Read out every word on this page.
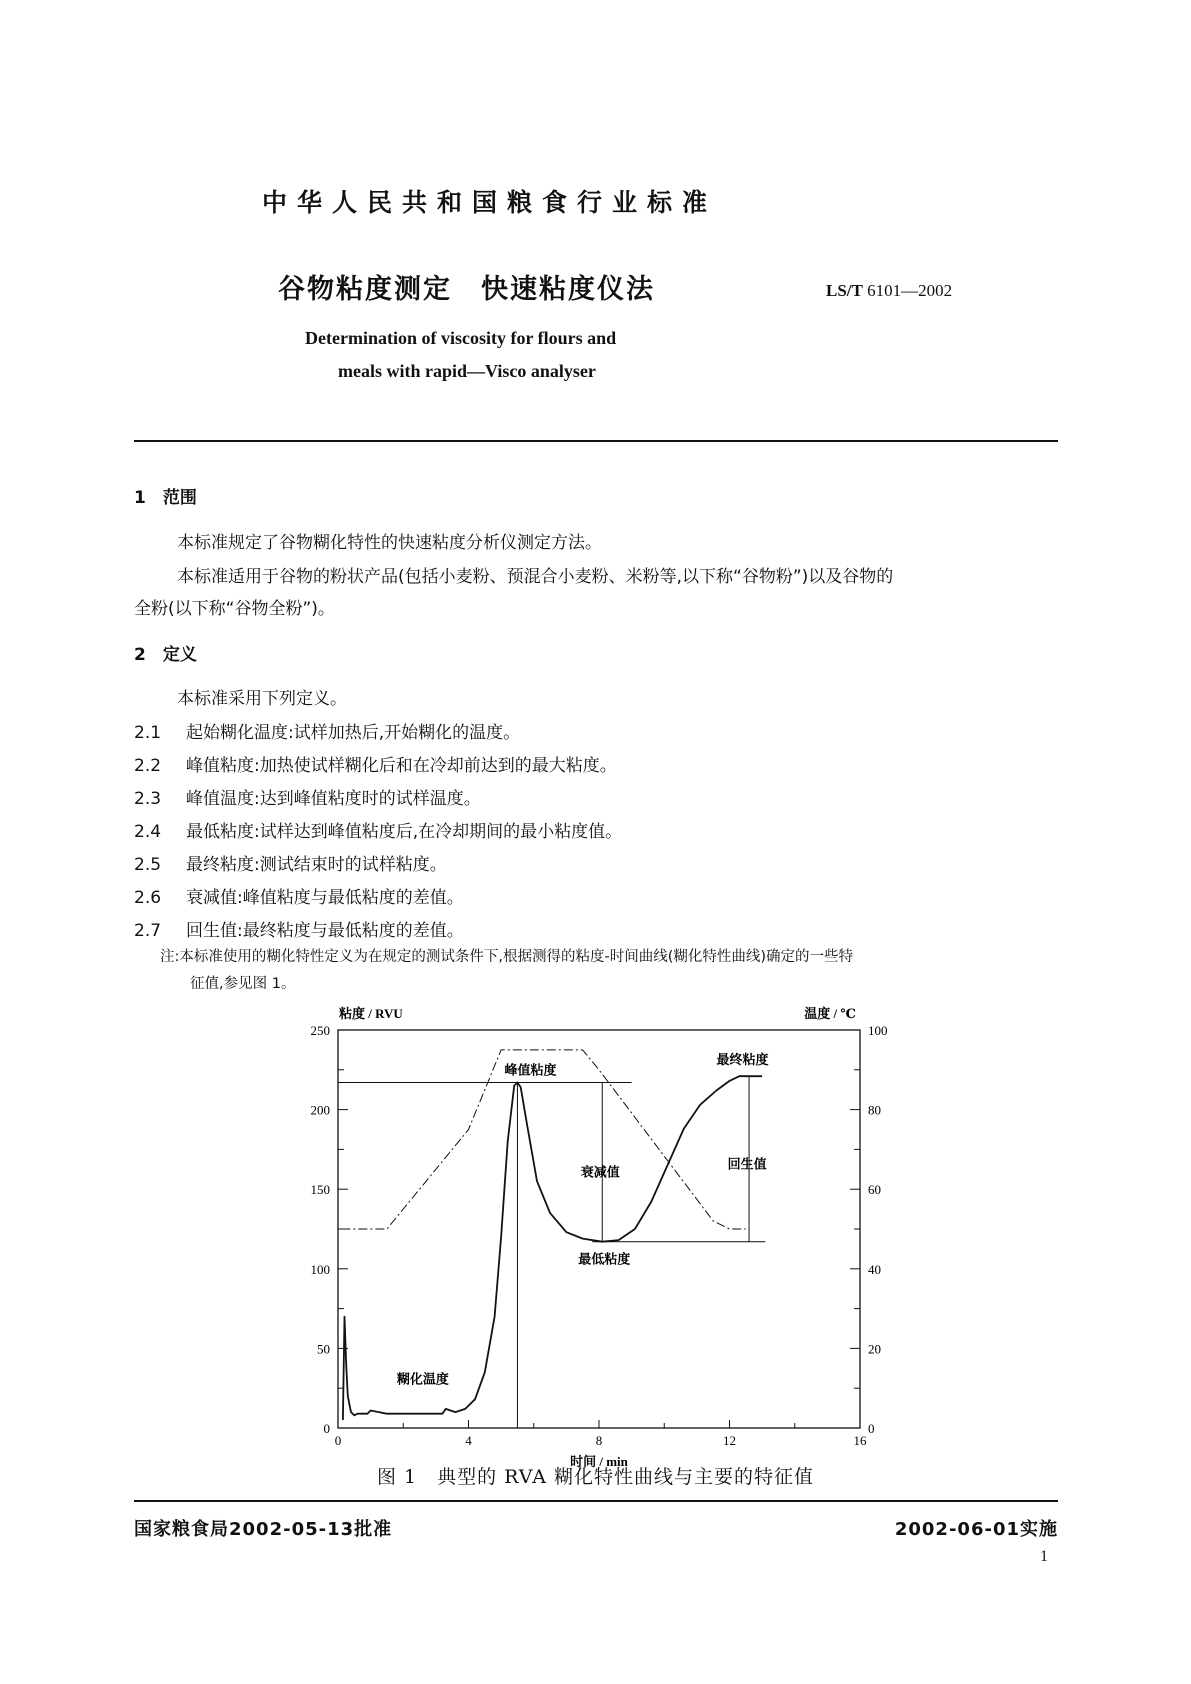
中华人民共和国粮食行业标准
谷物粘度测定　快速粘度仪法	LS/T 6101—2002
Determination of viscosity for flours and
meals with rapid—Visco analyser
1　范围
本标准规定了谷物糊化特性的快速粘度分析仪测定方法。
本标准适用于谷物的粉状产品(包括小麦粉、预混合小麦粉、米粉等,以下称“谷物粉”)以及谷物的
全粉(以下称“谷物全粉”)。
2　定义
本标准采用下列定义。
2.1 起始糊化温度:试样加热后,开始糊化的温度。
2.2 峰值粘度:加热使试样糊化后和在冷却前达到的最大粘度。
2.3 峰值温度:达到峰值粘度时的试样温度。
2.4 最低粘度:试样达到峰值粘度后,在冷却期间的最小粘度值。
2.5 最终粘度:测试结束时的试样粘度。
2.6 衰减值:峰值粘度与最低粘度的差值。
2.7 回生值:最终粘度与最低粘度的差值。
注:本标准使用的糊化特性定义为在规定的测试条件下,根据测得的粘度-时间曲线(糊化特性曲线)确定的一些特
征值,参见图 1。
0	4	8	12	16
0
50
100
150
200
250
0
20
40
60
80
100
粘度 / RVU	温度 / ℃
时间 / min
峰值粘度
衰减值
最低粘度
最终粘度
回生值
糊化温度
图 1　典型的 RVA 糊化特性曲线与主要的特征值
国家粮食局2002-05-13批准	2002-06-01实施
1
